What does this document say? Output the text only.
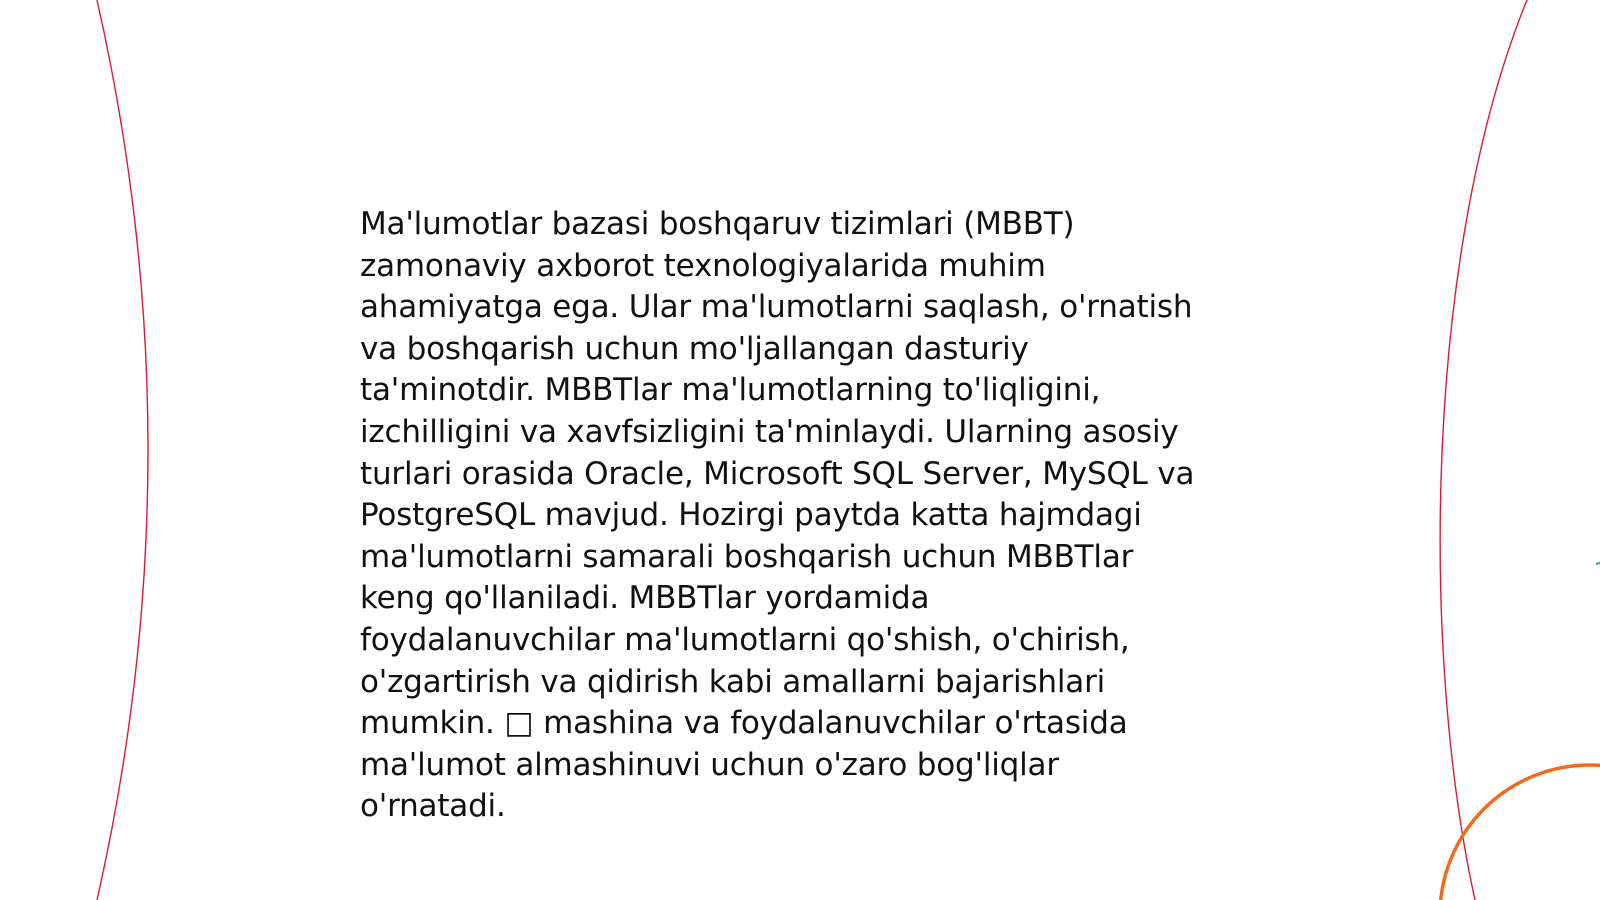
Ma'lumotlar bazasi boshqaruv tizimlari (MBBT)
zamonaviy axborot texnologiyalarida muhim
ahamiyatga ega. Ular ma'lumotlarni saqlash, o'rnatish
va boshqarish uchun mo'ljallangan dasturiy
ta'minotdir. MBBTlar ma'lumotlarning to'liqligini,
izchilligini va xavfsizligini ta'minlaydi. Ularning asosiy
turlari orasida Oracle, Microsoft SQL Server, MySQL va
PostgreSQL mavjud. Hozirgi paytda katta hajmdagi
ma'lumotlarni samarali boshqarish uchun MBBTlar
keng qo'llaniladi. MBBTlar yordamida
foydalanuvchilar ma'lumotlarni qo'shish, o'chirish,
o'zgartirish va qidirish kabi amallarni bajarishlari
mumkin. □ mashina va foydalanuvchilar o'rtasida
ma'lumot almashinuvi uchun o'zaro bog'liqlar
o'rnatadi.
